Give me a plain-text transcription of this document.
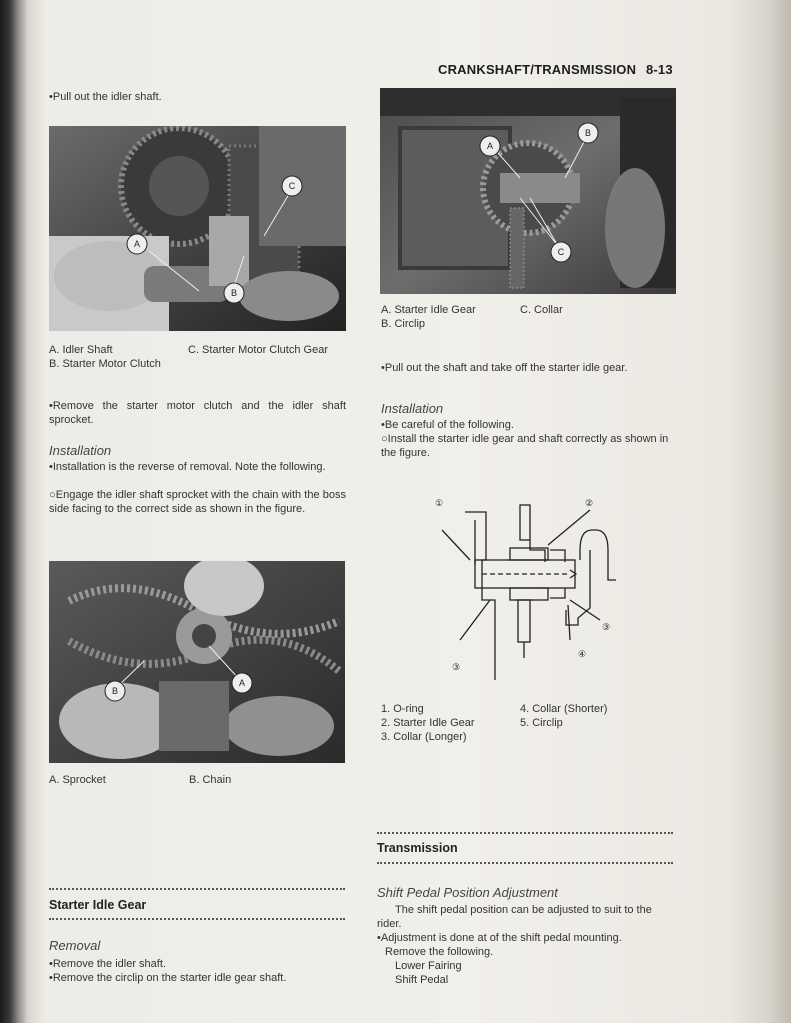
CRANKSHAFT/TRANSMISSION 8-13
•Pull out the idler shaft.
A
B
C
A. Idler Shaft
B. Starter Motor Clutch
C. Starter Motor Clutch Gear
•Remove the starter motor clutch and the idler shaft sprocket.
Installation
•Installation is the reverse of removal. Note the following.
○Engage the idler shaft sprocket with the chain with the boss side facing to the correct side as shown in the figure.
A
B
A. Sprocket	B. Chain
Starter Idle Gear
Removal
•Remove the idler shaft.
•Remove the circlip on the starter idle gear shaft.
A
B
C
A. Starter Idle Gear
B. Circlip
C. Collar
•Pull out the shaft and take off the starter idle gear.
Installation
•Be careful of the following.
○Install the starter idle gear and shaft correctly as shown in the figure.
①	②
③
④
③
1. O-ring
2. Starter Idle Gear
3. Collar (Longer)
4. Collar (Shorter)
5. Circlip
Transmission
Shift Pedal Position Adjustment
The shift pedal position can be adjusted to suit to the rider.
•Adjustment is done at of the shift pedal mounting.
Remove the following.
Lower Fairing
Shift Pedal
